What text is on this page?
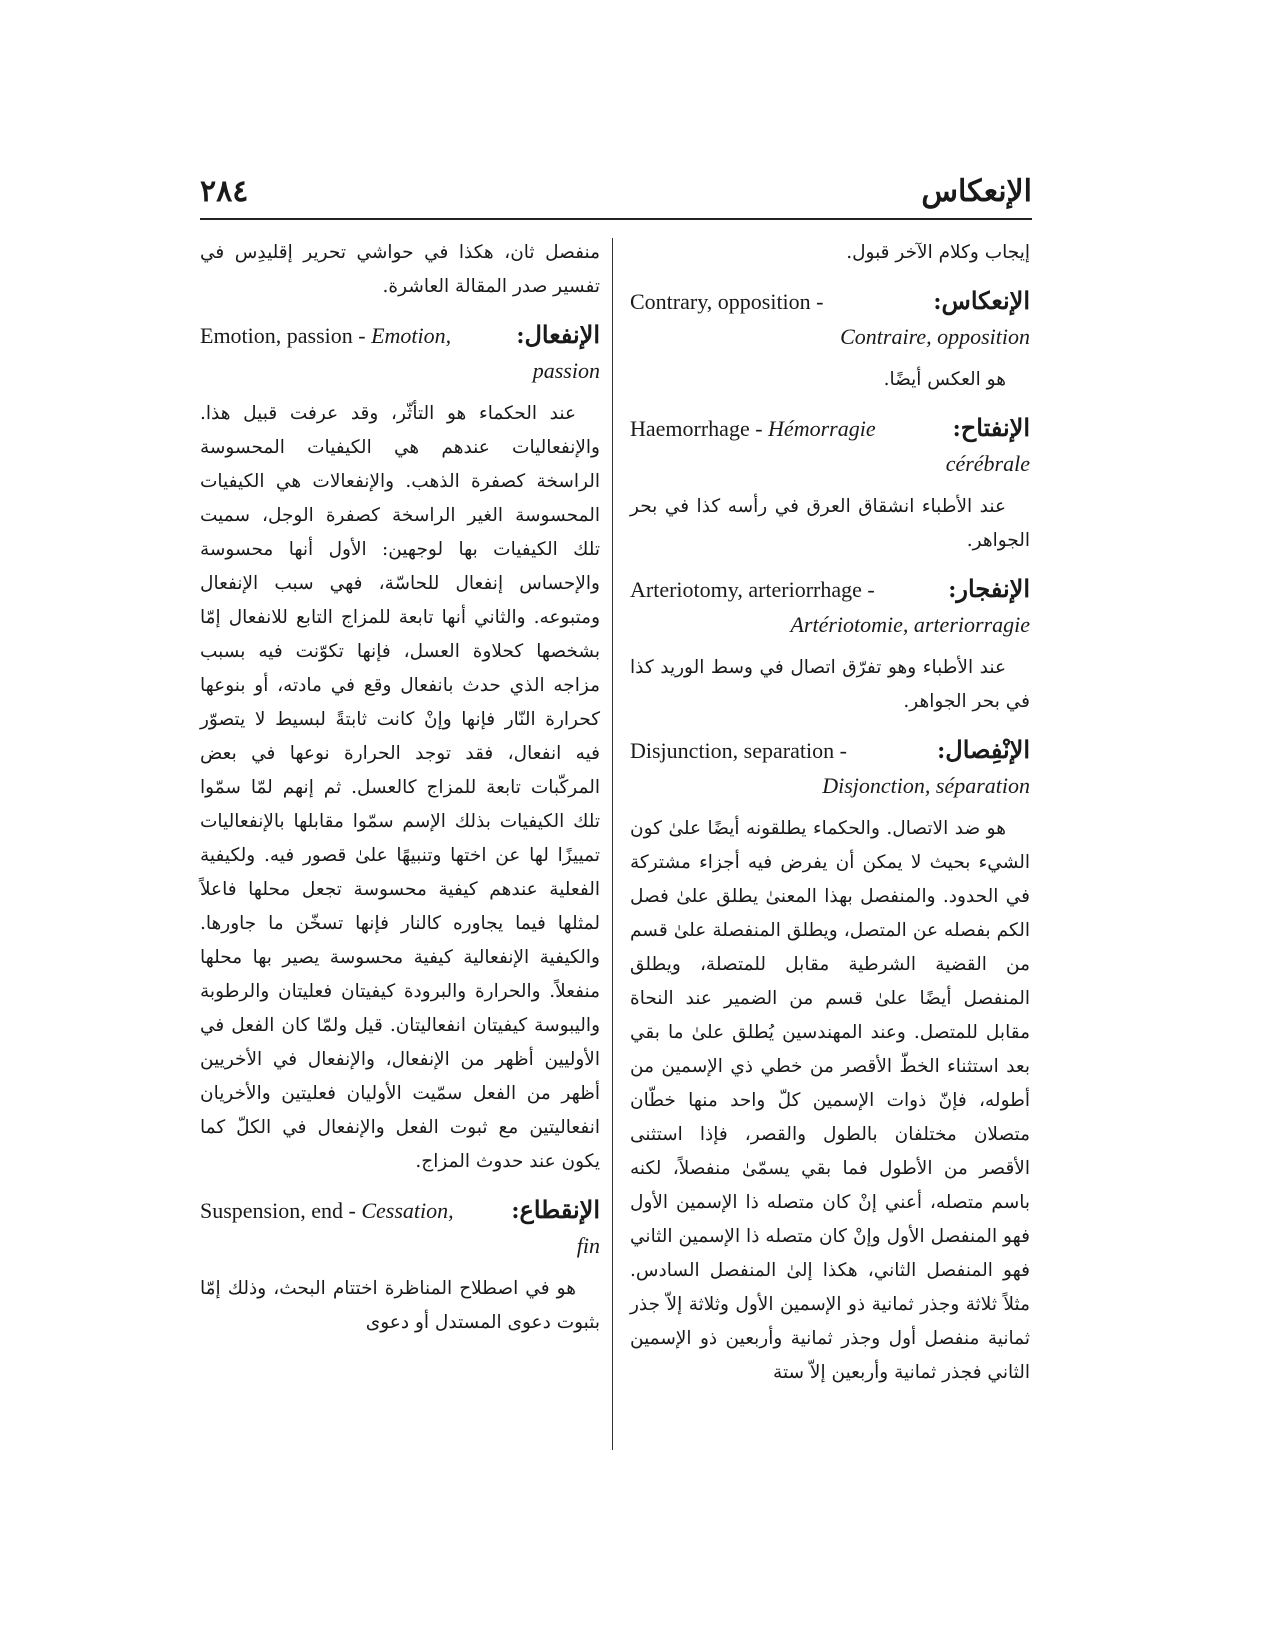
الإنعكاس
٢٨٤

إيجاب وكلام الآخر قبول.

الإنعكاس:
Contrary, opposition -
Contraire, opposition

هو العكس أيضًا.

الإنفتاح:
Haemorrhage - Hémorragie
cérébrale

عند الأطباء انشقاق العرق في رأسه كذا في بحر الجواهر.

الإنفجار:
Arteriotomy, arteriorrhage -
Artériotomie, arteriorragie

عند الأطباء وهو تفرّق اتصال في وسط الوريد كذا في بحر الجواهر.

الإنْفِصال:
Disjunction, separation -
Disjonction, séparation

هو ضد الاتصال. والحكماء يطلقونه أيضًا علىٰ كون الشيء بحيث لا يمكن أن يفرض فيه أجزاء مشتركة في الحدود. والمنفصل بهذا المعنىٰ يطلق علىٰ فصل الكم بفصله عن المتصل، ويطلق المنفصلة علىٰ قسم من القضية الشرطية مقابل للمتصلة، ويطلق المنفصل أيضًا علىٰ قسم من الضمير عند النحاة مقابل للمتصل. وعند المهندسين يُطلق علىٰ ما بقي بعد استثناء الخطّ الأقصر من خطي ذي الإسمين من أطوله، فإنّ ذوات الإسمين كلّ واحد منها خطّان متصلان مختلفان بالطول والقصر، فإذا استثنى الأقصر من الأطول فما بقي يسمّىٰ منفصلاً، لكنه باسم متصله، أعني إنْ كان متصله ذا الإسمين الأول فهو المنفصل الأول وإنْ كان متصله ذا الإسمين الثاني فهو المنفصل الثاني، هكذا إلىٰ المنفصل السادس. مثلاً ثلاثة وجذر ثمانية ذو الإسمين الأول وثلاثة إلاّ جذر ثمانية منفصل أول وجذر ثمانية وأربعين ذو الإسمين الثاني فجذر ثمانية وأربعين إلاّ ستة

منفصل ثان، هكذا في حواشي تحرير إقليدِس في تفسير صدر المقالة العاشرة.

الإنفعال:
Emotion, passion - Emotion,
passion

عند الحكماء هو التأثّر، وقد عرفت قبيل هذا. والإنفعاليات عندهم هي الكيفيات المحسوسة الراسخة كصفرة الذهب. والإنفعالات هي الكيفيات المحسوسة الغير الراسخة كصفرة الوجل، سميت تلك الكيفيات بها لوجهين: الأول أنها محسوسة والإحساس إنفعال للحاسّة، فهي سبب الإنفعال ومتبوعه. والثاني أنها تابعة للمزاج التابع للانفعال إمّا بشخصها كحلاوة العسل، فإنها تكوّنت فيه بسبب مزاجه الذي حدث بانفعال وقع في مادته، أو بنوعها كحرارة النّار فإنها وإنْ كانت ثابتةً لبسيط لا يتصوّر فيه انفعال، فقد توجد الحرارة نوعها في بعض المركّبات تابعة للمزاج كالعسل. ثم إنهم لمّا سمّوا تلك الكيفيات بذلك الإسم سمّوا مقابلها بالإنفعاليات تمييزًا لها عن اختها وتنبيهًا علىٰ قصور فيه. ولكيفية الفعلية عندهم كيفية محسوسة تجعل محلها فاعلاً لمثلها فيما يجاوره كالنار فإنها تسخّن ما جاورها. والكيفية الإنفعالية كيفية محسوسة يصير بها محلها منفعلاً. والحرارة والبرودة كيفيتان فعليتان والرطوبة واليبوسة كيفيتان انفعاليتان. قيل ولمّا كان الفعل في الأوليين أظهر من الإنفعال، والإنفعال في الأخريين أظهر من الفعل سمّيت الأوليان فعليتين والأخريان انفعاليتين مع ثبوت الفعل والإنفعال في الكلّ كما يكون عند حدوث المزاج.

الإنقطاع:
Suspension, end - Cessation,
fin

هو في اصطلاح المناظرة اختتام البحث، وذلك إمّا بثبوت دعوى المستدل أو دعوى
